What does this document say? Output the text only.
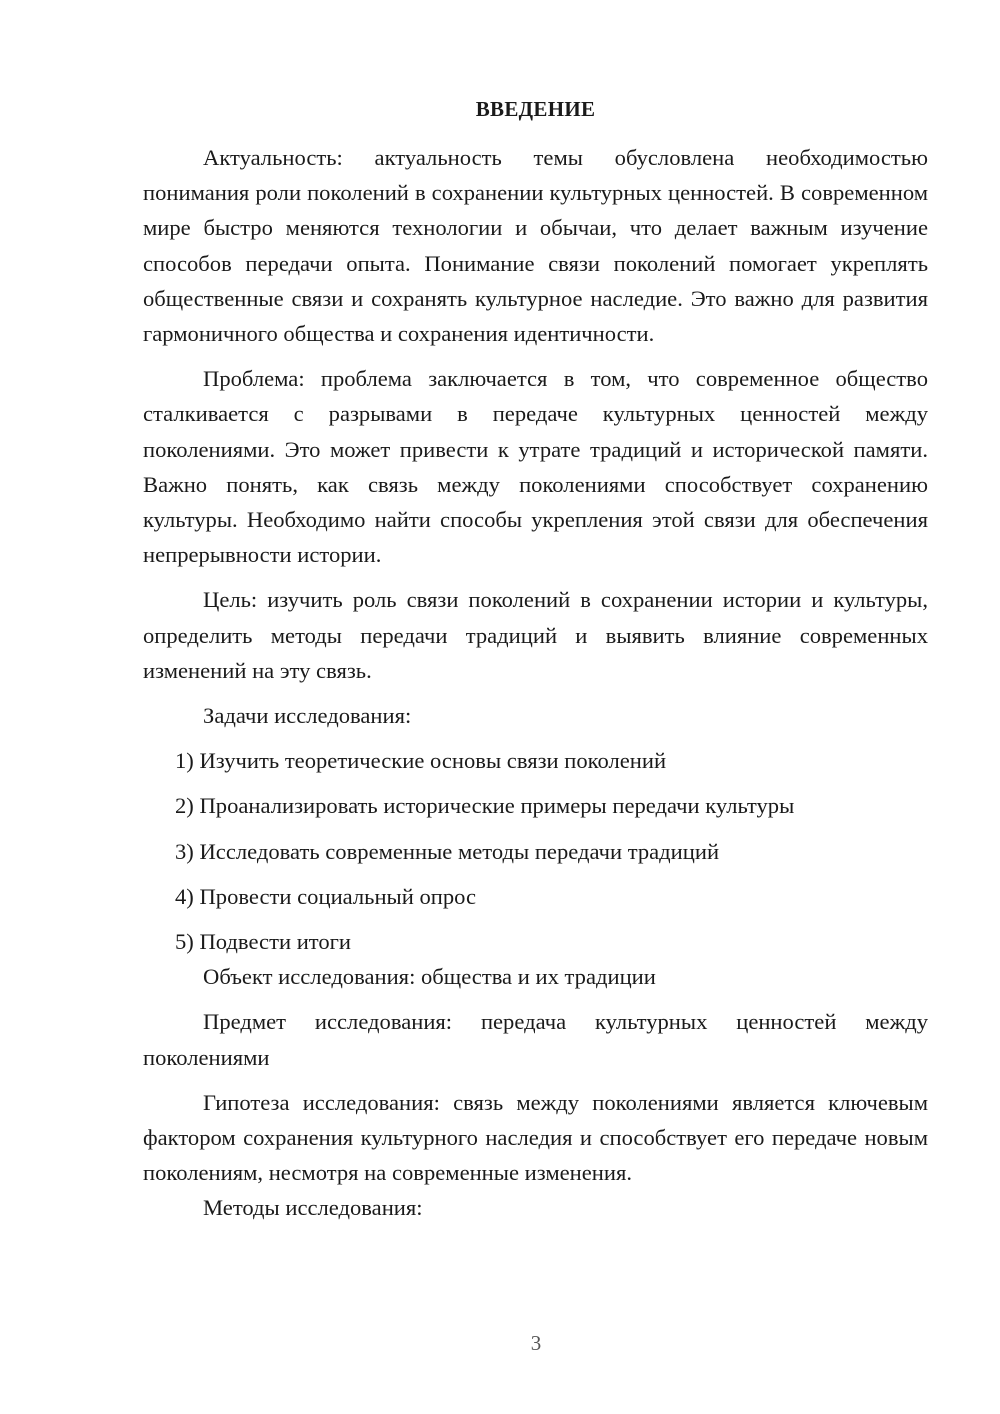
ВВЕДЕНИЕ

Актуальность: актуальность темы обусловлена необходимостью понимания роли поколений в сохранении культурных ценностей. В современном мире быстро меняются технологии и обычаи, что делает важным изучение способов передачи опыта. Понимание связи поколений помогает укреплять общественные связи и сохранять культурное наследие. Это важно для развития гармоничного общества и сохранения идентичности.

Проблема: проблема заключается в том, что современное общество сталкивается с разрывами в передаче культурных ценностей между поколениями. Это может привести к утрате традиций и исторической памяти. Важно понять, как связь между поколениями способствует сохранению культуры. Необходимо найти способы укрепления этой связи для обеспечения непрерывности истории.

Цель: изучить роль связи поколений в сохранении истории и культуры, определить методы передачи традиций и выявить влияние современных изменений на эту связь.

Задачи исследования:

1) Изучить теоретические основы связи поколений

2) Проанализировать исторические примеры передачи культуры

3) Исследовать современные методы передачи традиций

4) Провести социальный опрос

5) Подвести итоги

Объект исследования: общества и их традиции

Предмет исследования: передача культурных ценностей между поколениями

Гипотеза исследования: связь между поколениями является ключевым фактором сохранения культурного наследия и способствует его передаче новым поколениям, несмотря на современные изменения.

Методы исследования:

3
